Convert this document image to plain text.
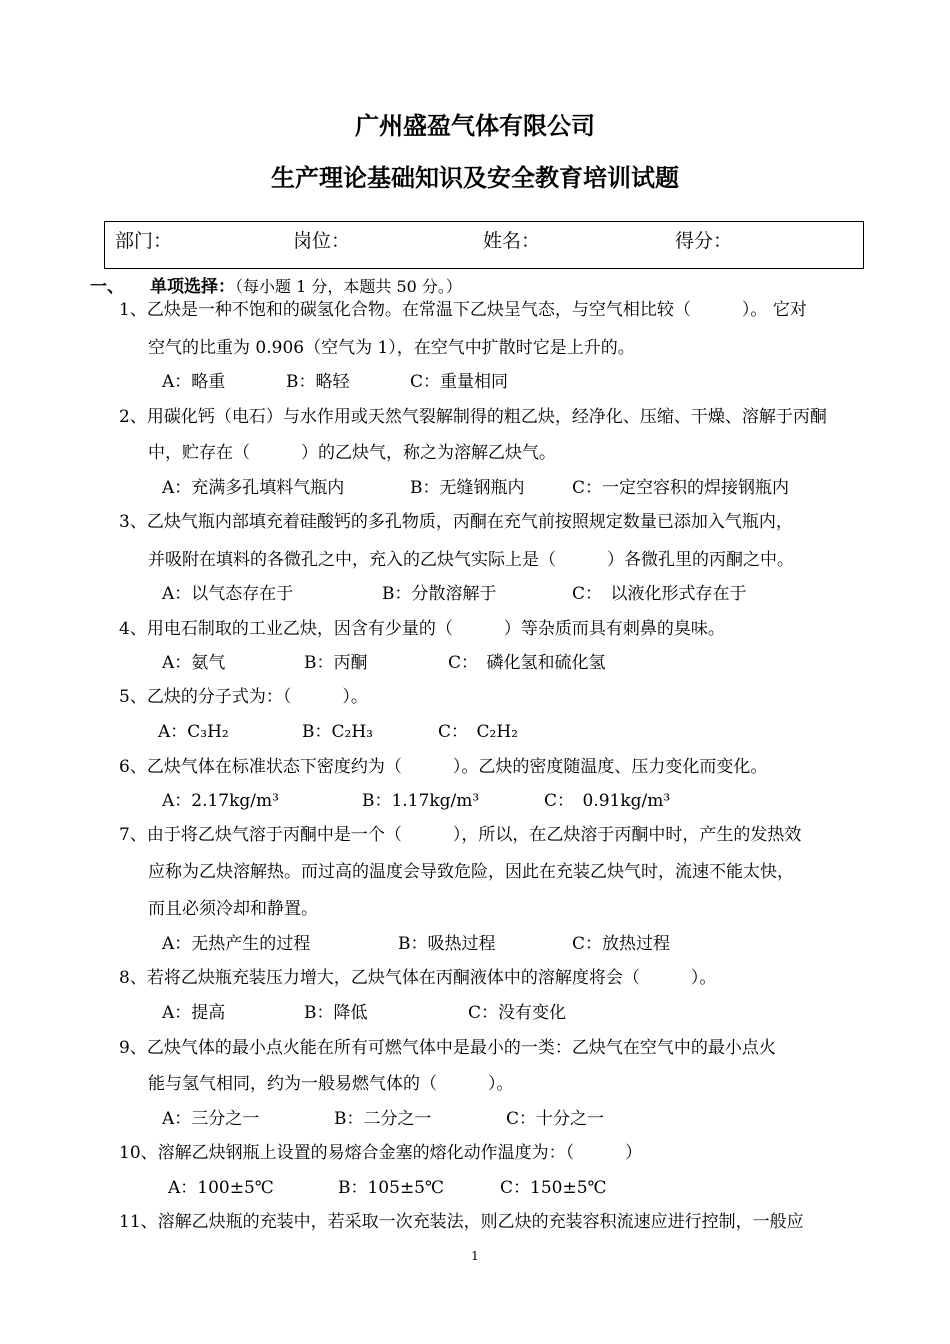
广州盛盈气体有限公司
生产理论基础知识及安全教育培训试题
部门：	岗位：	姓名：	得分：
一、 单项选择：（每小题 1 分，本题共 50 分。）
1、乙炔是一种不饱和的碳氢化合物。在常温下乙炔呈气态，与空气相比较（　　　）。 它对
空气的比重为 0.906（空气为 1），在空气中扩散时它是上升的。
A：略重	B：略轻	C：重量相同
2、用碳化钙（电石）与水作用或天然气裂解制得的粗乙炔，经净化、压缩、干燥、溶解于丙酮
中，贮存在（　　　）的乙炔气，称之为溶解乙炔气。
A：充满多孔填料气瓶内	B：无缝钢瓶内	C：一定空容积的焊接钢瓶内
3、乙炔气瓶内部填充着硅酸钙的多孔物质，丙酮在充气前按照规定数量已添加入气瓶内，
并吸附在填料的各微孔之中，充入的乙炔气实际上是（　　　）各微孔里的丙酮之中。
A：以气态存在于	B：分散溶解于	C：　以液化形式存在于
4、用电石制取的工业乙炔，因含有少量的（　　　）等杂质而具有刺鼻的臭味。
A：氨气	B：丙酮	C：　磷化氢和硫化氢
5、乙炔的分子式为：（　　　）。
A：C₃H₂	B：C₂H₃	C：　C₂H₂
6、乙炔气体在标准状态下密度约为（　　　）。乙炔的密度随温度、压力变化而变化。
A：2.17kg/m³	B：1.17kg/m³	C：　0.91kg/m³
7、由于将乙炔气溶于丙酮中是一个（　　　），所以，在乙炔溶于丙酮中时，产生的发热效
应称为乙炔溶解热。而过高的温度会导致危险，因此在充装乙炔气时，流速不能太快，
而且必须冷却和静置。
A：无热产生的过程	B：吸热过程	C：放热过程
8、若将乙炔瓶充装压力增大，乙炔气体在丙酮液体中的溶解度将会（　　　）。
A：提高	B：降低	C：没有变化
9、乙炔气体的最小点火能在所有可燃气体中是最小的一类：乙炔气在空气中的最小点火
能与氢气相同，约为一般易燃气体的（　　　）。
A：三分之一	B：二分之一	C：十分之一
10、溶解乙炔钢瓶上设置的易熔合金塞的熔化动作温度为：（　　　）
A：100±5℃	B：105±5℃	C：150±5℃
11、溶解乙炔瓶的充装中，若采取一次充装法，则乙炔的充装容积流速应进行控制，一般应
1
